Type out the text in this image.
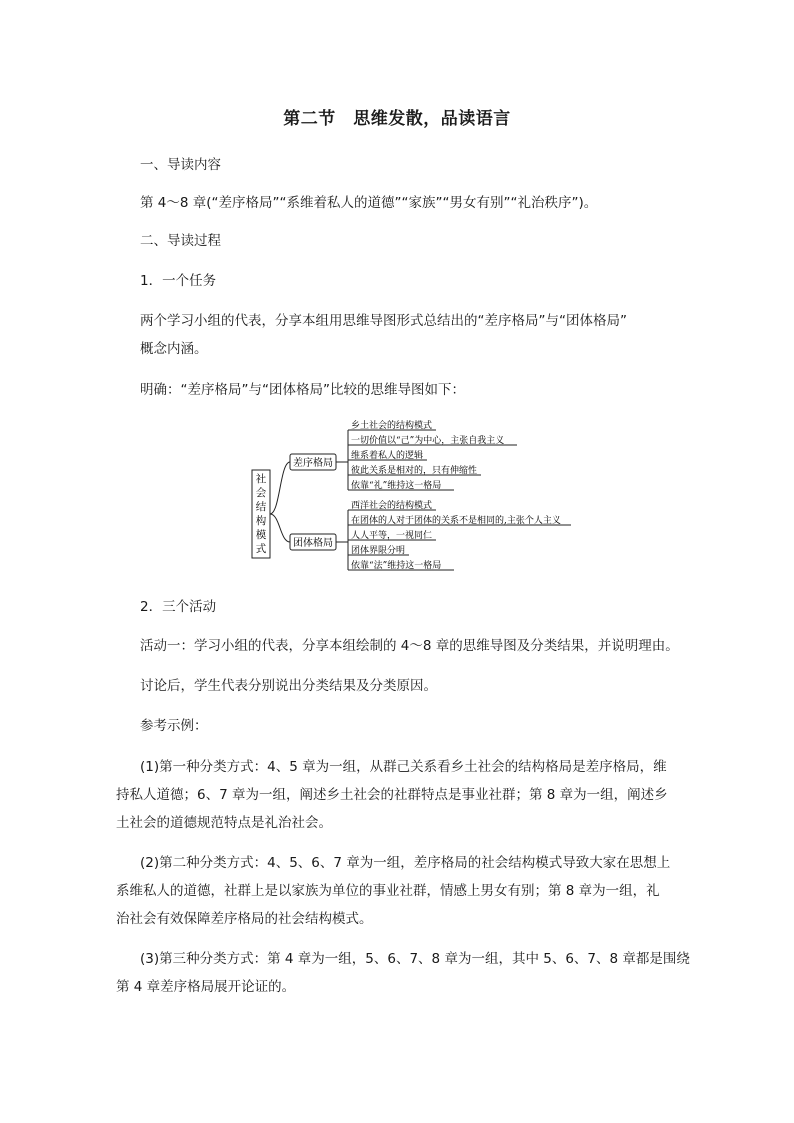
第二节　思维发散，品读语言
一、导读内容
第 4～8 章(“差序格局”“系维着私人的道德”“家族”“男女有别”“礼治秩序”)。
二、导读过程
1．一个任务
两个学习小组的代表，分享本组用思维导图形式总结出的“差序格局”与“团体格局”
概念内涵。
明确：“差序格局”与“团体格局”比较的思维导图如下：
社会结构模式
差序格局
团体格局
乡土社会的结构模式
一切价值以“己”为中心，主张自我主义
维系着私人的逻辑
彼此关系是相对的，只有伸缩性
依靠“礼”维持这一格局
西洋社会的结构模式
在团体的人对于团体的关系不是相同的,主张个人主义
人人平等，一视同仁
团体界限分明
依靠“法”维持这一格局
2．三个活动
活动一：学习小组的代表，分享本组绘制的 4～8 章的思维导图及分类结果，并说明理由。
讨论后，学生代表分别说出分类结果及分类原因。
参考示例：
(1)第一种分类方式：4、5 章为一组，从群己关系看乡土社会的结构格局是差序格局，维
持私人道德；6、7 章为一组，阐述乡土社会的社群特点是事业社群；第 8 章为一组，阐述乡
土社会的道德规范特点是礼治社会。
(2)第二种分类方式：4、5、6、7 章为一组，差序格局的社会结构模式导致大家在思想上
系维私人的道德，社群上是以家族为单位的事业社群，情感上男女有别；第 8 章为一组，礼
治社会有效保障差序格局的社会结构模式。
(3)第三种分类方式：第 4 章为一组，5、6、7、8 章为一组，其中 5、6、7、8 章都是围绕
第 4 章差序格局展开论证的。
